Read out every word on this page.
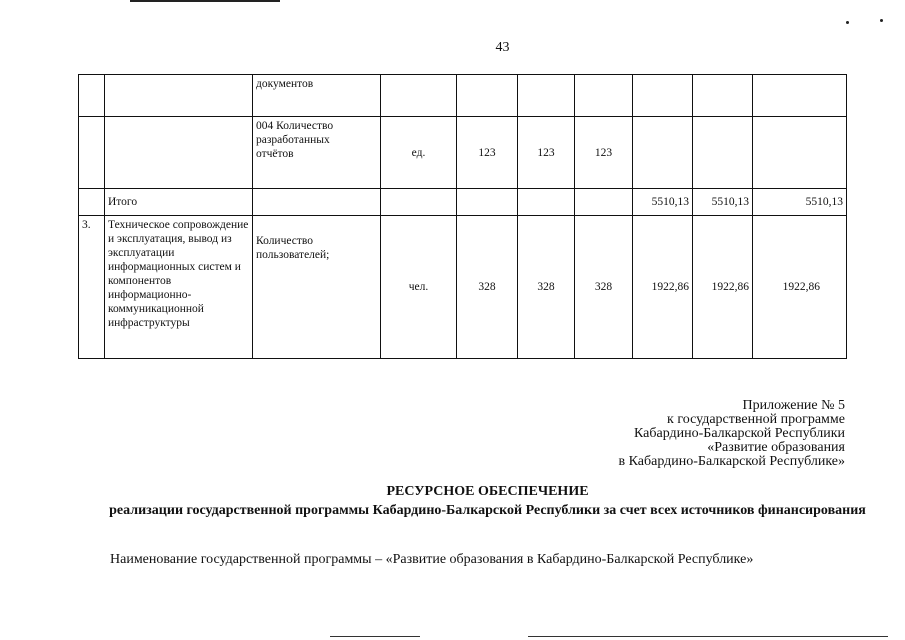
43
		документов							
		004 Количество разработанных отчётов	ед.	123	123	123			
	Итого						5510,13	5510,13	5510,13
3.	Техническое сопровождение и эксплуатация, вывод из эксплуатации информационных систем и компонентов информационно-коммуникационной инфраструктуры	Количество пользователей;	чел.	328	328	328	1922,86	1922,86	1922,86
Приложение № 5
к государственной программе
Кабардино-Балкарской Республики
«Развитие образования
в Кабардино-Балкарской Республике»
РЕСУРСНОЕ ОБЕСПЕЧЕНИЕ
реализации государственной программы Кабардино-Балкарской Республики за счет всех источников финансирования
Наименование государственной программы – «Развитие образования в Кабардино-Балкарской Республике»
